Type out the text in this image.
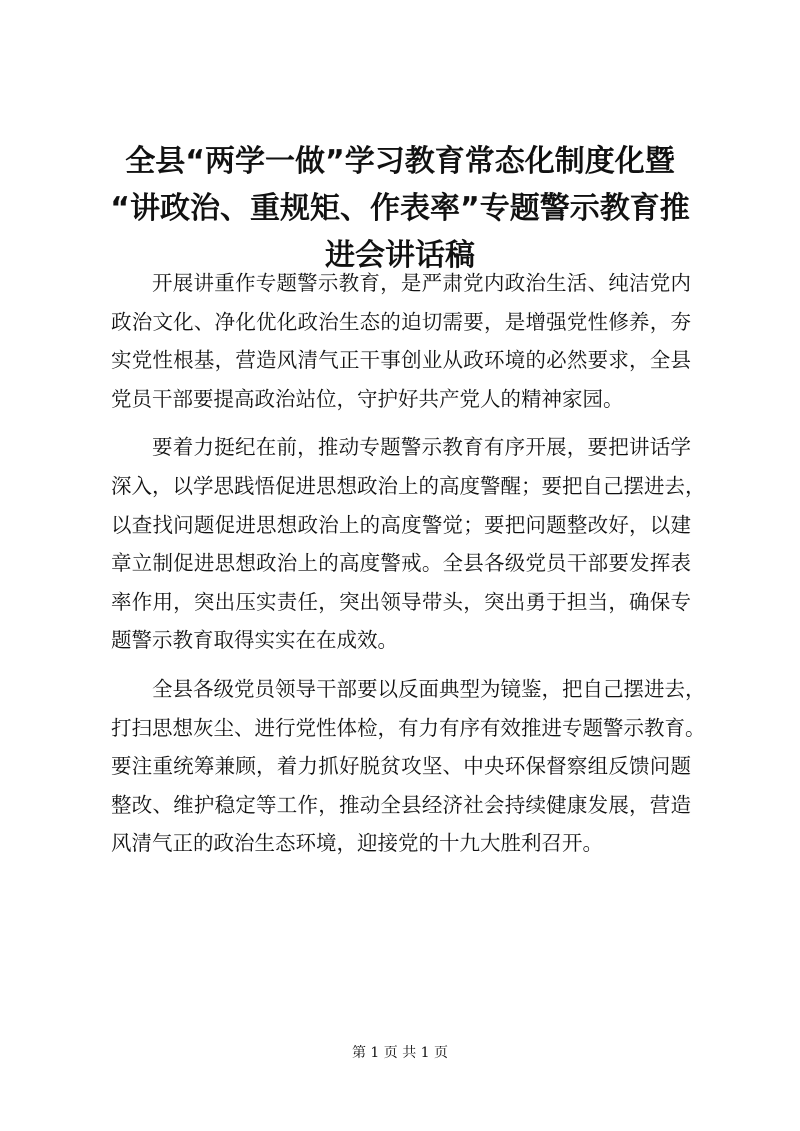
全县“两学一做”学习教育常态化制度化暨
“讲政治、重规矩、作表率”专题警示教育推
进会讲话稿

开展讲重作专题警示教育，是严肃党内政治生活、纯洁党内
政治文化、净化优化政治生态的迫切需要，是增强党性修养，夯
实党性根基，营造风清气正干事创业从政环境的必然要求，全县
党员干部要提高政治站位，守护好共产党人的精神家园。

要着力挺纪在前，推动专题警示教育有序开展，要把讲话学
深入，以学思践悟促进思想政治上的高度警醒；要把自己摆进去，
以查找问题促进思想政治上的高度警觉；要把问题整改好，以建
章立制促进思想政治上的高度警戒。全县各级党员干部要发挥表
率作用，突出压实责任，突出领导带头，突出勇于担当，确保专
题警示教育取得实实在在成效。

全县各级党员领导干部要以反面典型为镜鉴，把自己摆进去，
打扫思想灰尘、进行党性体检，有力有序有效推进专题警示教育。
要注重统筹兼顾，着力抓好脱贫攻坚、中央环保督察组反馈问题
整改、维护稳定等工作，推动全县经济社会持续健康发展，营造
风清气正的政治生态环境，迎接党的十九大胜利召开。

第 1 页 共 1 页
